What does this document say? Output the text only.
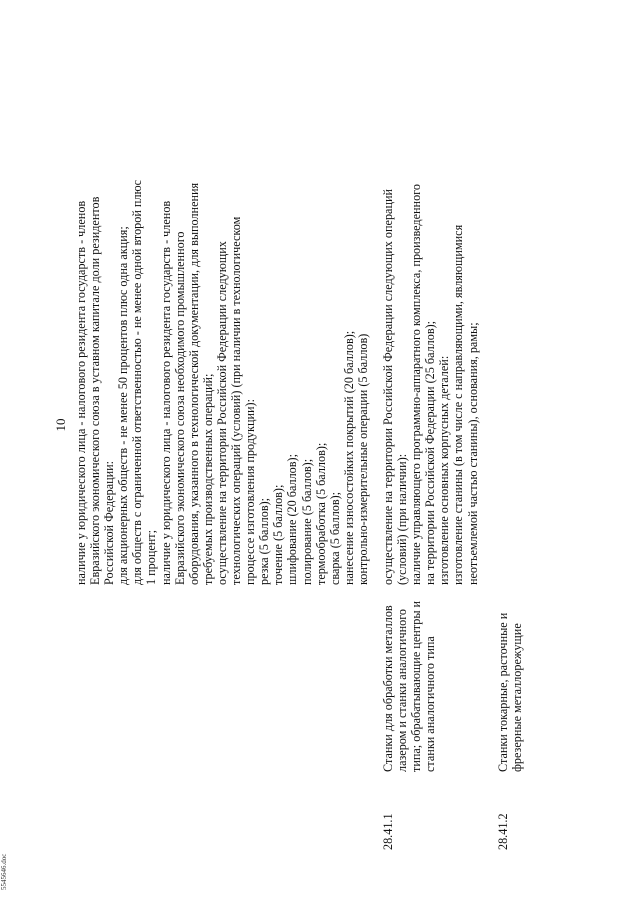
10 наличие у юридического лица - налогового резидента государств - членов Евразийского экономического союза в уставном капитале доли резидентов Российской Федерации: для акционерных обществ - не менее 50 процентов плюс одна акция; для обществ с ограниченной ответственностью - не менее одной второй плюс 1 процент; наличие у юридического лица - налогового резидента государств - членов Евразийского экономического союза необходимого промышленного оборудования, указанного в технологической документации, для выполнения требуемых производственных операций; осуществление на территории Российской Федерации следующих технологических операций (условий) (при наличии в технологическом процессе изготовления продукции): резка (5 баллов); точение (5 баллов); шлифование (20 баллов); полирование (5 баллов); термообработка (5 баллов); сварка (5 баллов); нанесение износостойких покрытий (20 баллов); контрольно-измерительные операции (5 баллов)
28.41.1
Станки для обработки металлов лазером и станки аналогичного типа; обрабатывающие центры и станки аналогичного типа
осуществление на территории Российской Федерации следующих операций (условий) (при наличии): наличие управляющего программно-аппаратного комплекса, произведенного на территории Российской Федерации (25 баллов); изготовление основных корпусных деталей: изготовление станины (в том числе с направляющими, являющимися неотъемлемой частью станины), основания, рамы;
28.41.2
Станки токарные, расточные и фрезерные металлорежущие
5545646.doc
